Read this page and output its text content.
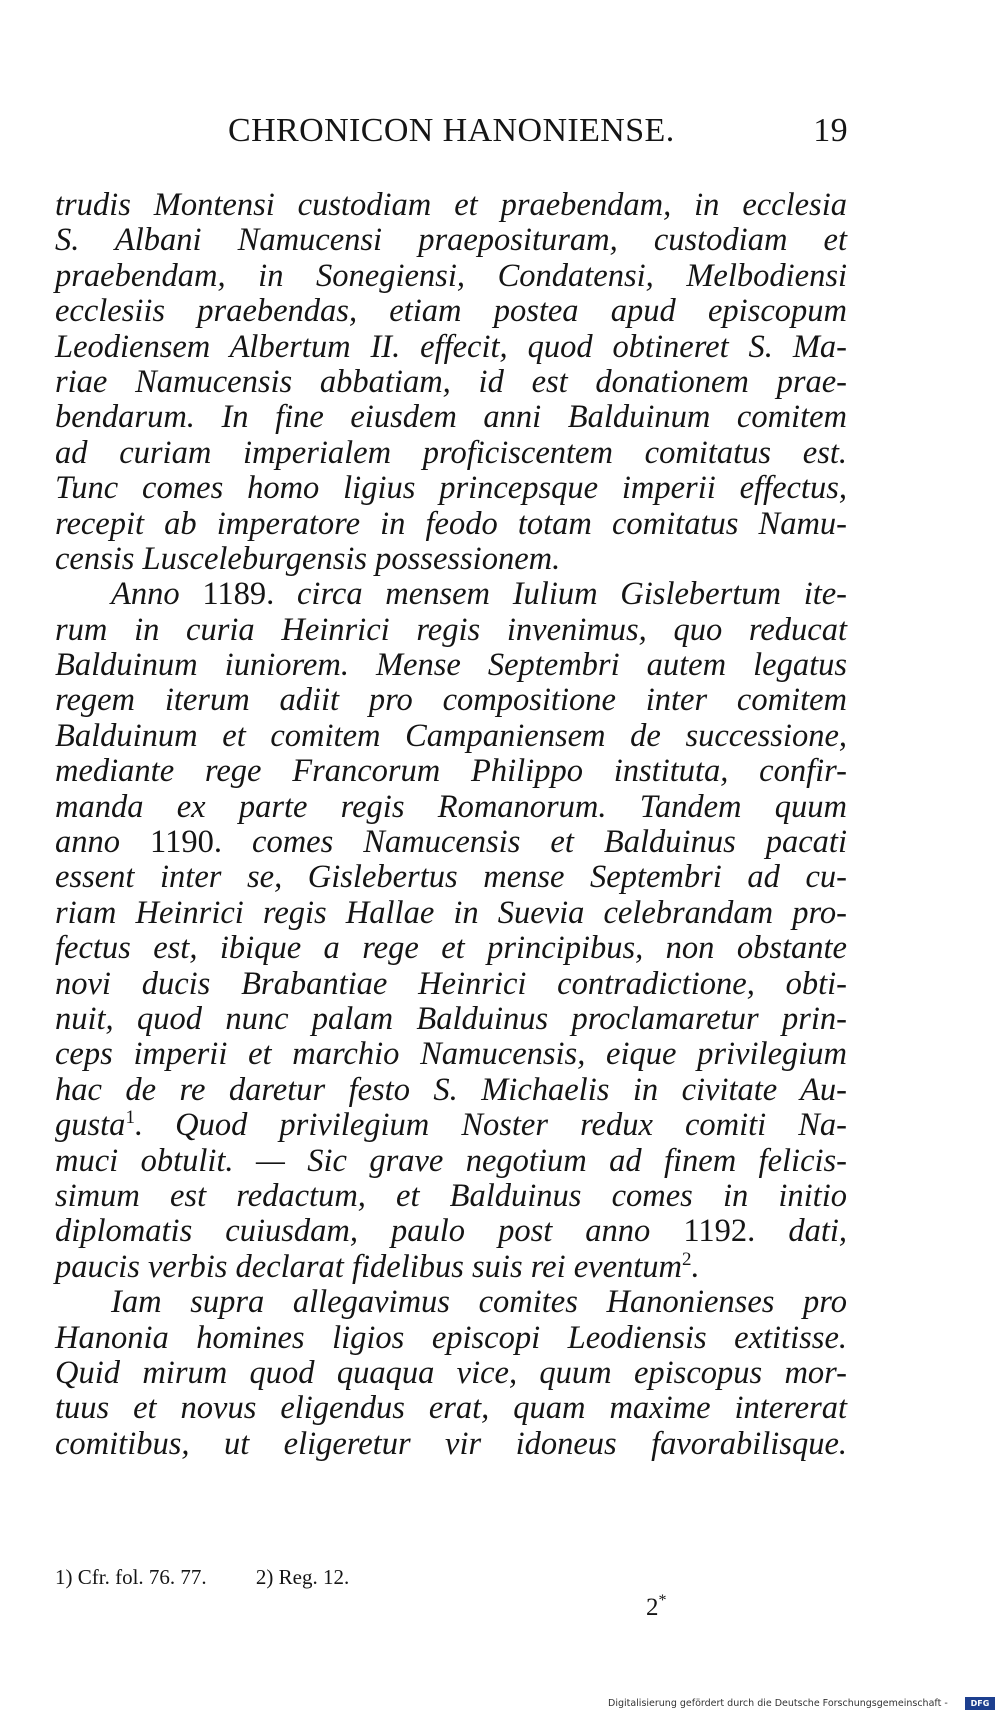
CHRONICON HANONIENSE.	19
trudis Montensi custodiam et praebendam, in ecclesia
S. Albani Namucensi praeposituram, custodiam et
praebendam, in Sonegiensi, Condatensi, Melbodiensi
ecclesiis praebendas, etiam postea apud episcopum
Leodiensem Albertum II. effecit, quod obtineret S. Ma-
riae Namucensis abbatiam, id est donationem prae-
bendarum. In fine eiusdem anni Balduinum comitem
ad curiam imperialem proficiscentem comitatus est.
Tunc comes homo ligius princepsque imperii effectus,
recepit ab imperatore in feodo totam comitatus Namu-
censis Lusceleburgensis possessionem.
Anno 1189. circa mensem Iulium Gislebertum ite-
rum in curia Heinrici regis invenimus, quo reducat
Balduinum iuniorem. Mense Septembri autem legatus
regem iterum adiit pro compositione inter comitem
Balduinum et comitem Campaniensem de successione,
mediante rege Francorum Philippo instituta, confir-
manda ex parte regis Romanorum. Tandem quum
anno 1190. comes Namucensis et Balduinus pacati
essent inter se, Gislebertus mense Septembri ad cu-
riam Heinrici regis Hallae in Suevia celebrandam pro-
fectus est, ibique a rege et principibus, non obstante
novi ducis Brabantiae Heinrici contradictione, obti-
nuit, quod nunc palam Balduinus proclamaretur prin-
ceps imperii et marchio Namucensis, eique privilegium
hac de re daretur festo S. Michaelis in civitate Au-
gusta$^1$. Quod privilegium Noster redux comiti Na-
muci obtulit. — Sic grave negotium ad finem felicis-
simum est redactum, et Balduinus comes in initio
diplomatis cuiusdam, paulo post anno 1192. dati,
paucis verbis declarat fidelibus suis rei eventum$^2$.
Iam supra allegavimus comites Hanonienses pro
Hanonia homines ligios episcopi Leodiensis extitisse.
Quid mirum quod quaqua vice, quum episcopus mor-
tuus et novus eligendus erat, quam maxime intererat
comitibus, ut eligeretur vir idoneus favorabilisque.
1) Cfr. fol. 76. 77. 2) Reg. 12.
2*
Digitalisierung gefördert durch die Deutsche Forschungsgemeinschaft -	DFG
